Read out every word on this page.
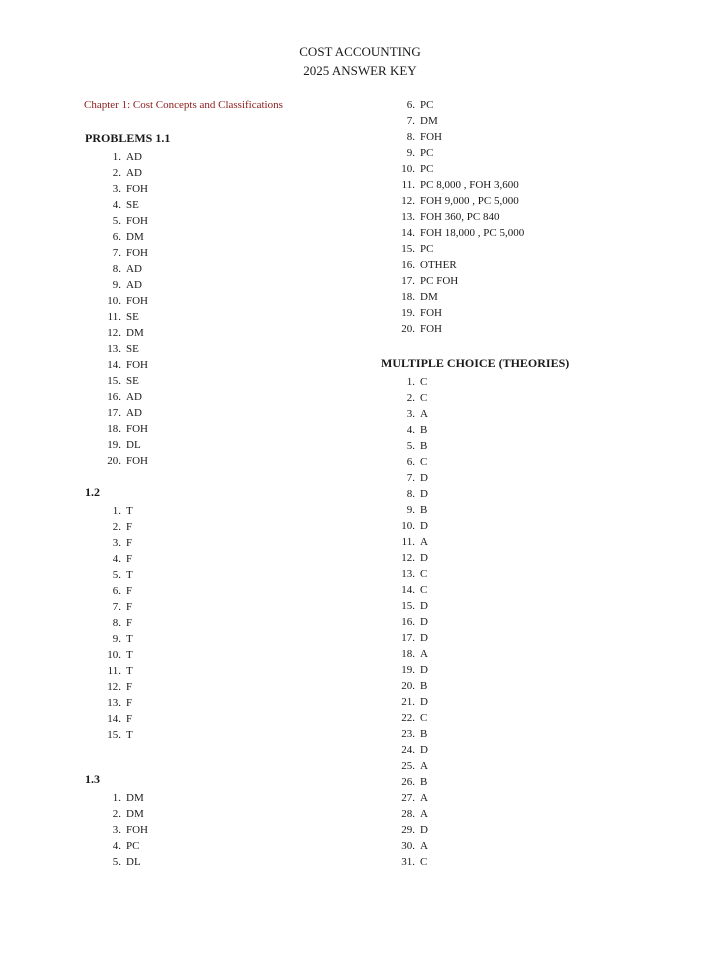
COST ACCOUNTING
2025 ANSWER KEY
Chapter 1: Cost Concepts and Classifications
PROBLEMS 1.1
1. AD
2. AD
3. FOH
4. SE
5. FOH
6. DM
7. FOH
8. AD
9. AD
10. FOH
11. SE
12. DM
13. SE
14. FOH
15. SE
16. AD
17. AD
18. FOH
19. DL
20. FOH
1.2
1. T
2. F
3. F
4. F
5. T
6. F
7. F
8. F
9. T
10. T
11. T
12. F
13. F
14. F
15. T
1.3
1. DM
2. DM
3. FOH
4. PC
5. DL
6. PC
7. DM
8. FOH
9. PC
10. PC
11. PC 8,000 , FOH 3,600
12. FOH 9,000 , PC 5,000
13. FOH 360, PC 840
14. FOH 18,000 , PC 5,000
15. PC
16. OTHER
17. PC FOH
18. DM
19. FOH
20. FOH
MULTIPLE CHOICE (THEORIES)
1. C
2. C
3. A
4. B
5. B
6. C
7. D
8. D
9. B
10. D
11. A
12. D
13. C
14. C
15. D
16. D
17. D
18. A
19. D
20. B
21. D
22. C
23. B
24. D
25. A
26. B
27. A
28. A
29. D
30. A
31. C
